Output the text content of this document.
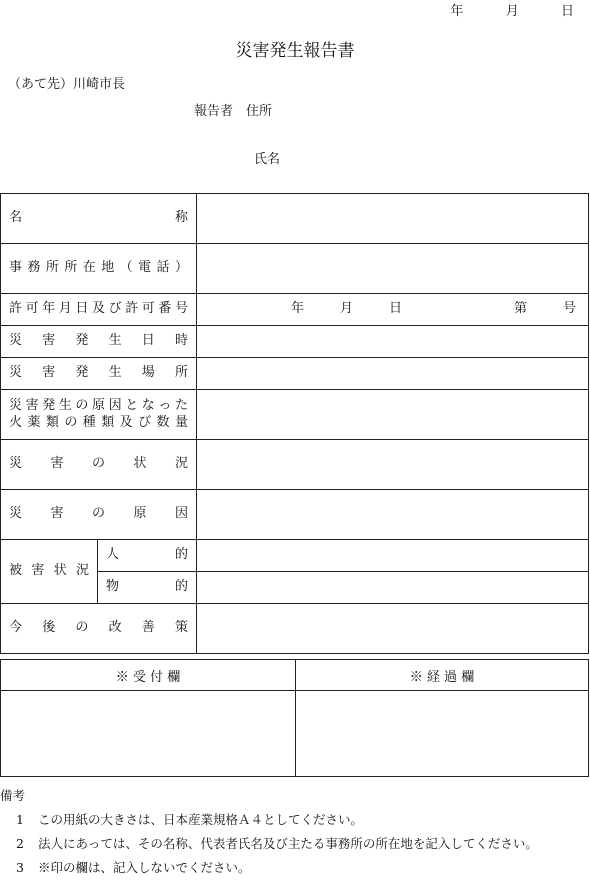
年	月	日
災害発生報告書
（あて先）川崎市長
報告者　住所
氏名
名称		
事務所所在地（電話）		
許可年月日及び許可番号		年 月 日 第 号

災害発生日時		
災害発生場所		

災害発生の原因となった
火薬類の種類及び数量		

災害の状況		
災害の原因		
被害状況	人的	
	物的	
今後の改善策		
※ 受 付 欄	※ 経 過 欄

備考
1 この用紙の大きさは、日本産業規格Ａ４としてください。
2 法人にあっては、その名称、代表者氏名及び主たる事務所の所在地を記入してください。
3 ※印の欄は、記入しないでください。
